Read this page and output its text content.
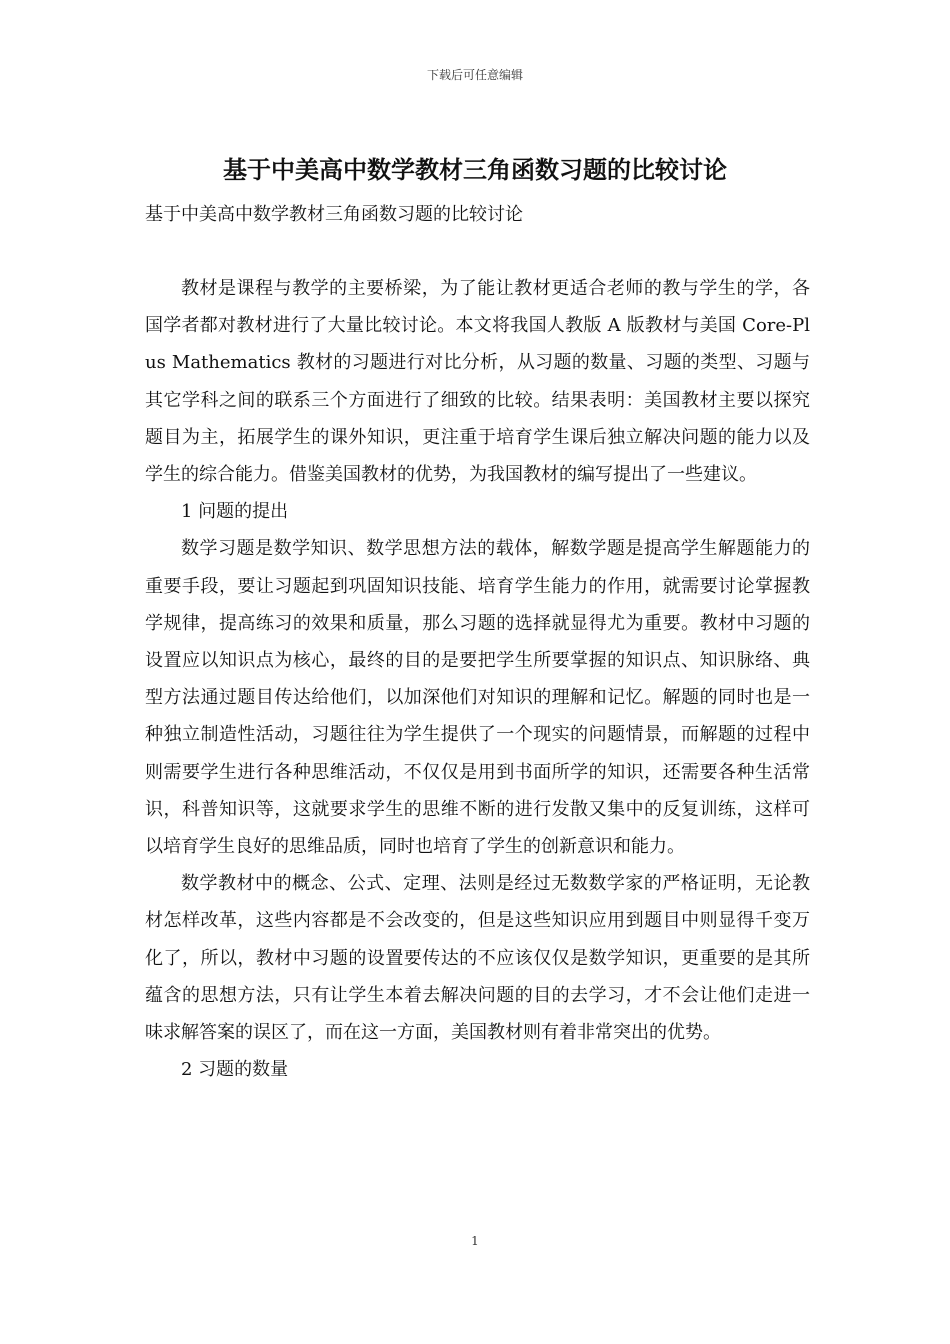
下载后可任意编辑
基于中美高中数学教材三角函数习题的比较讨论
基于中美高中数学教材三角函数习题的比较讨论

教材是课程与教学的主要桥梁，为了能让教材更适合老师的教与学生的学，各国学者都对教材进行了大量比较讨论。本文将我国人教版 A 版教材与美国 Core-Plus Mathematics 教材的习题进行对比分析，从习题的数量、习题的类型、习题与其它学科之间的联系三个方面进行了细致的比较。结果表明：美国教材主要以探究题目为主，拓展学生的课外知识，更注重于培育学生课后独立解决问题的能力以及学生的综合能力。借鉴美国教材的优势，为我国教材的编写提出了一些建议。

1 问题的提出

数学习题是数学知识、数学思想方法的载体，解数学题是提高学生解题能力的重要手段，要让习题起到巩固知识技能、培育学生能力的作用，就需要讨论掌握教学规律，提高练习的效果和质量，那么习题的选择就显得尤为重要。教材中习题的设置应以知识点为核心，最终的目的是要把学生所要掌握的知识点、知识脉络、典型方法通过题目传达给他们，以加深他们对知识的理解和记忆。解题的同时也是一种独立制造性活动，习题往往为学生提供了一个现实的问题情景，而解题的过程中则需要学生进行各种思维活动，不仅仅是用到书面所学的知识，还需要各种生活常识，科普知识等，这就要求学生的思维不断的进行发散又集中的反复训练，这样可以培育学生良好的思维品质，同时也培育了学生的创新意识和能力。

数学教材中的概念、公式、定理、法则是经过无数数学家的严格证明，无论教材怎样改革，这些内容都是不会改变的，但是这些知识应用到题目中则显得千变万化了，所以，教材中习题的设置要传达的不应该仅仅是数学知识，更重要的是其所蕴含的思想方法，只有让学生本着去解决问题的目的去学习，才不会让他们走进一味求解答案的误区了，而在这一方面，美国教材则有着非常突出的优势。

2 习题的数量

1
